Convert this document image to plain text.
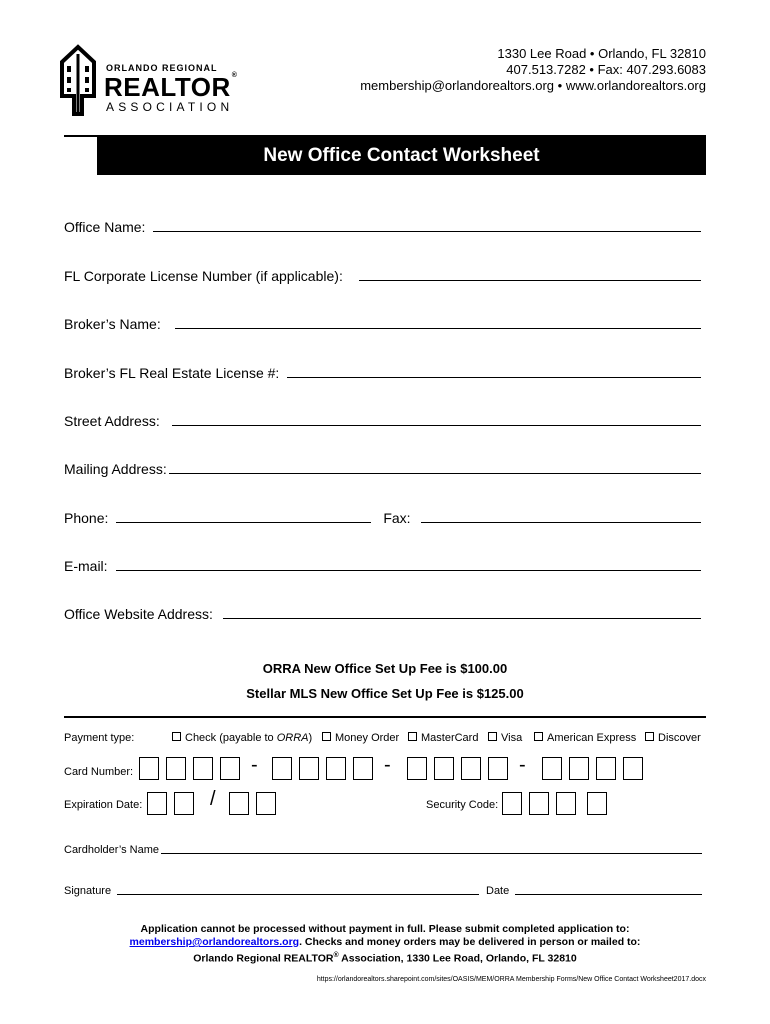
ORLANDO REGIONAL
REALTOR®
ASSOCIATION
1330 Lee Road • Orlando, FL 32810
407.513.7282 • Fax: 407.293.6083
membership@orlandorealtors.org • www.orlandorealtors.org
New Office Contact Worksheet
Office Name:
FL Corporate License Number (if applicable):
Broker’s Name:
Broker’s FL Real Estate License #:
Street Address:
Mailing Address:
Phone:	Fax:
E-mail:
Office Website Address:
ORRA New Office Set Up Fee is $100.00
Stellar MLS New Office Set Up Fee is $125.00
Payment type:	Check (payable to ORRA)	Money Order	MasterCard	Visa	American Express	Discover
Card Number:	-	-	-
Expiration Date:	/	Security Code:
Cardholder’s Name
Signature	Date
Application cannot be processed without payment in full. Please submit completed application to:
membership@orlandorealtors.org. Checks and money orders may be delivered in person or mailed to:
Orlando Regional REALTOR® Association, 1330 Lee Road, Orlando, FL 32810
https://orlandorealtors.sharepoint.com/sites/OASIS/MEM/ORRA Membership Forms/New Office Contact Worksheet2017.docx
